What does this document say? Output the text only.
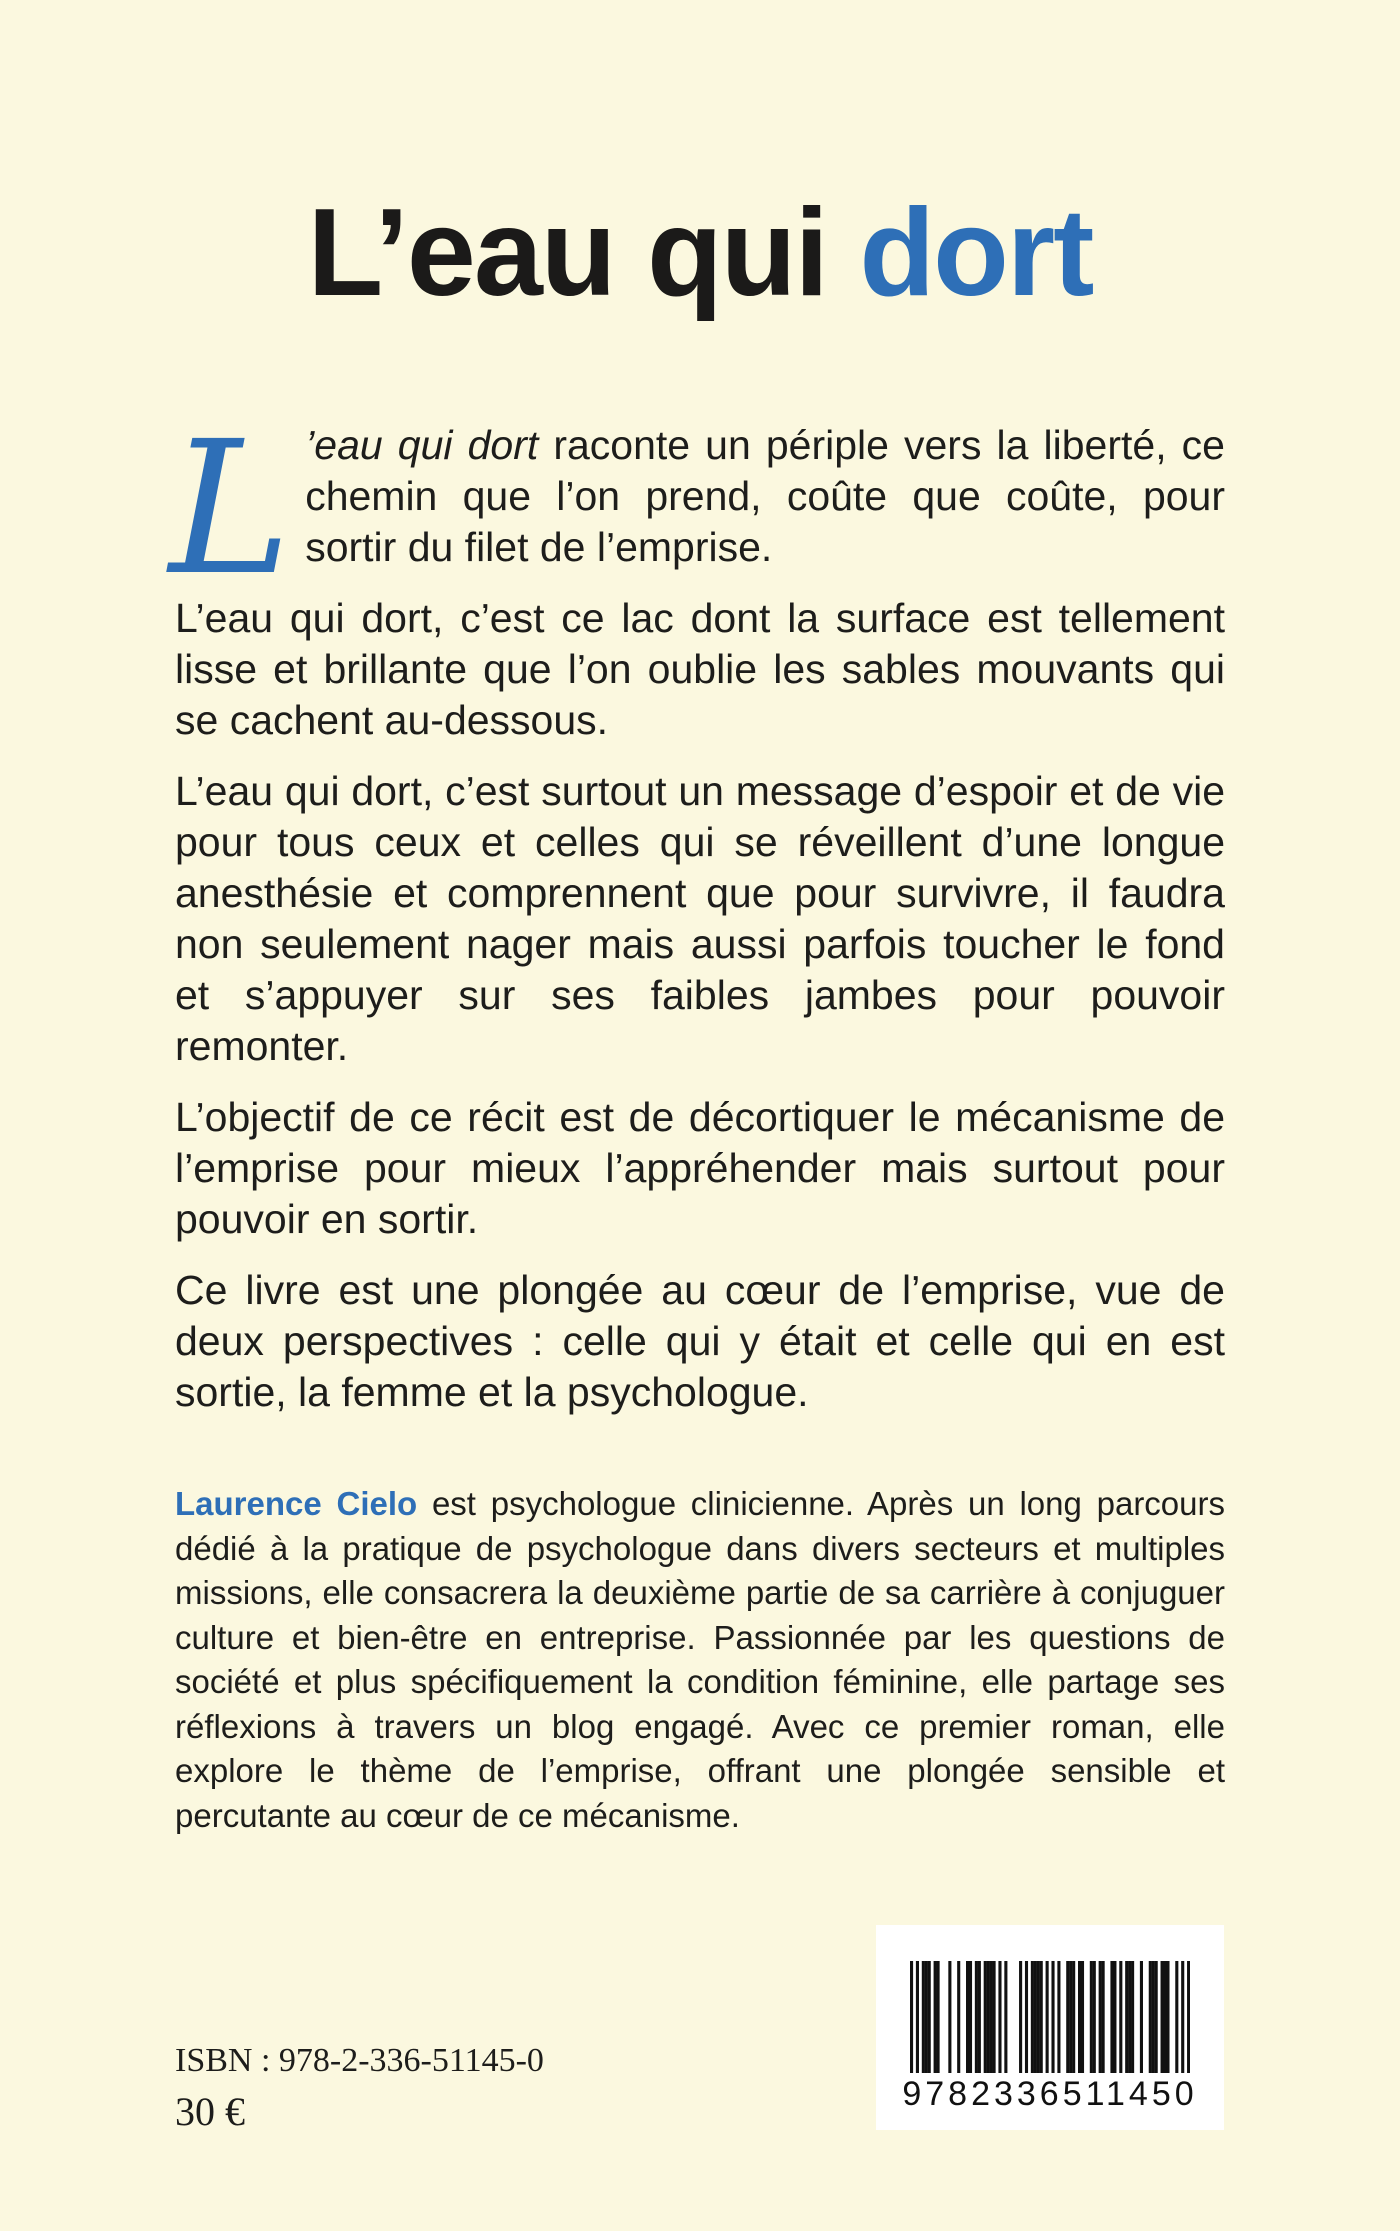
L’eau qui dort

L ’eau qui dort raconte un périple vers la liberté, ce chemin que l’on prend, coûte que coûte, pour sortir du filet de l’emprise.

L’eau qui dort, c’est ce lac dont la surface est tellement lisse et brillante que l’on oublie les sables mouvants qui se cachent au-dessous.

L’eau qui dort, c’est surtout un message d’espoir et de vie pour tous ceux et celles qui se réveillent d’une longue anesthésie et comprennent que pour survivre, il faudra non seulement nager mais aussi parfois toucher le fond et s’appuyer sur ses faibles jambes pour pouvoir remonter.

L’objectif de ce récit est de décortiquer le mécanisme de l’emprise pour mieux l’appréhender mais surtout pour pouvoir en sortir.

Ce livre est une plongée au cœur de l’emprise, vue de deux perspectives : celle qui y était et celle qui en est sortie, la femme et la psychologue.

Laurence Cielo est psychologue clinicienne. Après un long parcours dédié à la pratique de psychologue dans divers secteurs et multiples missions, elle consacrera la deuxième partie de sa carrière à conjuguer culture et bien-être en entreprise. Passionnée par les questions de société et plus spécifiquement la condition féminine, elle partage ses réflexions à travers un blog engagé. Avec ce premier roman, elle explore le thème de l’emprise, offrant une plongée sensible et percutante au cœur de ce mécanisme.

9782336511450
ISBN : 978-2-336-51145-0
30 €
